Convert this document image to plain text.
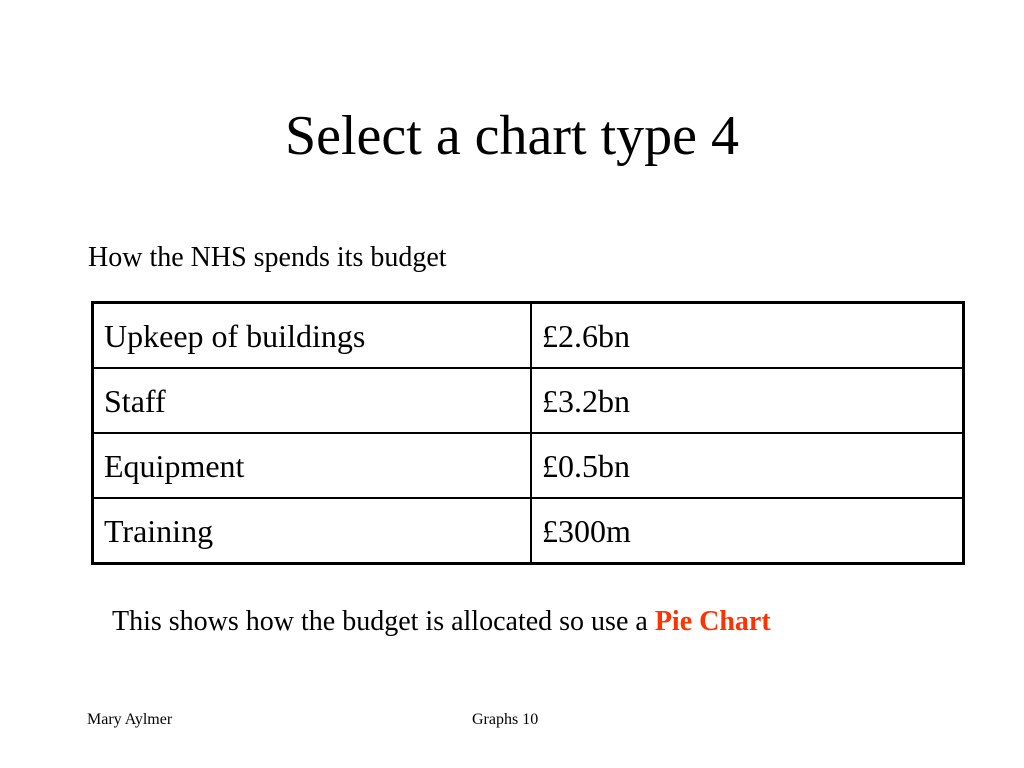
Select a chart type 4
How the NHS spends its budget
Upkeep of buildings	£2.6bn
Staff	£3.2bn
Equipment	£0.5bn
Training	£300m
This shows how the budget is allocated so use a Pie Chart
Mary Aylmer	Graphs 10
